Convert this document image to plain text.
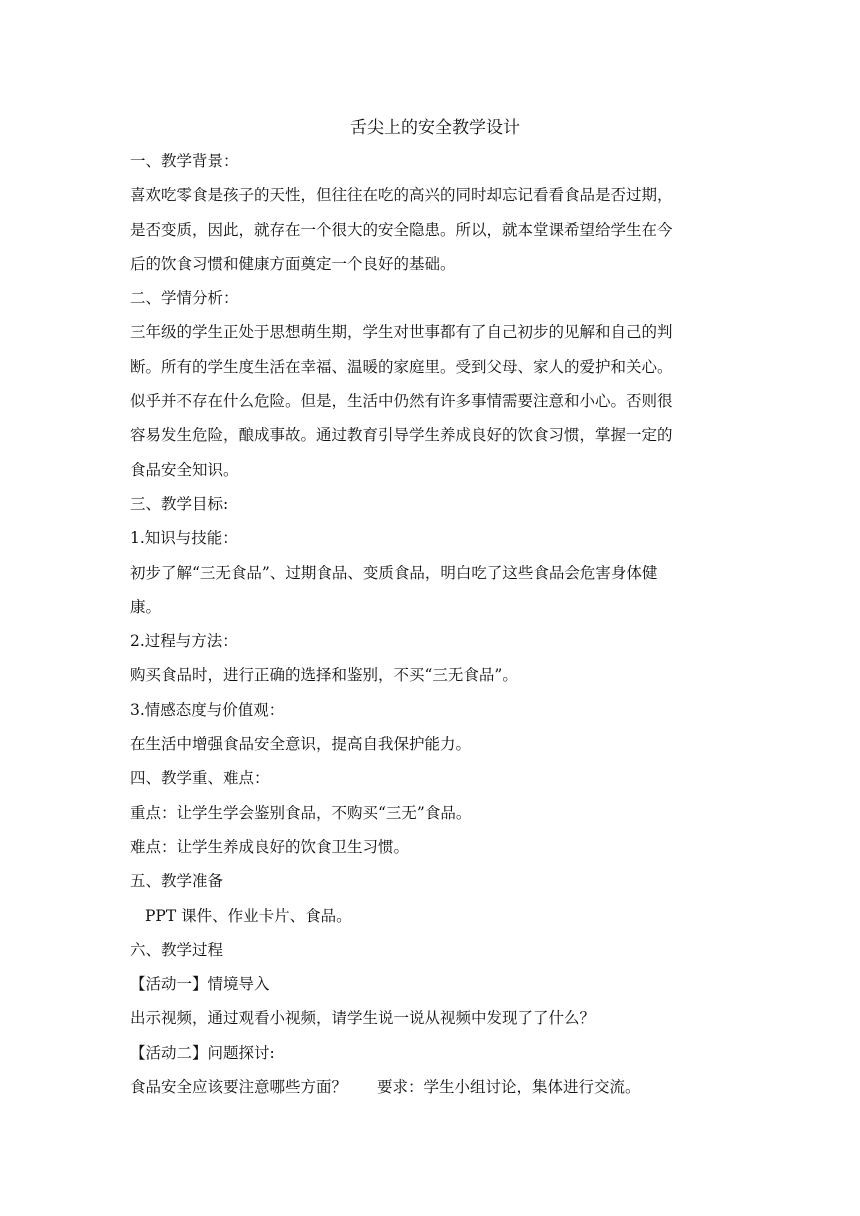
舌尖上的安全教学设计
一、教学背景：
喜欢吃零食是孩子的天性，但往往在吃的高兴的同时却忘记看看食品是否过期，
是否变质，因此，就存在一个很大的安全隐患。所以，就本堂课希望给学生在今
后的饮食习惯和健康方面奠定一个良好的基础。
二、学情分析：
三年级的学生正处于思想萌生期，学生对世事都有了自己初步的见解和自己的判
断。所有的学生度生活在幸福、温暖的家庭里。受到父母、家人的爱护和关心。
似乎并不存在什么危险。但是，生活中仍然有许多事情需要注意和小心。否则很
容易发生危险，酿成事故。通过教育引导学生养成良好的饮食习惯，掌握一定的
食品安全知识。
三、教学目标:
1.知识与技能：
初步了解“三无食品”、过期食品、变质食品，明白吃了这些食品会危害身体健
康。
2.过程与方法：
购买食品时，进行正确的选择和鉴别，不买“三无食品”。
3.情感态度与价值观：
在生活中增强食品安全意识，提高自我保护能力。
四、教学重、难点：
重点：让学生学会鉴别食品，不购买“三无”食品。
难点：让学生养成良好的饮食卫生习惯。
五、教学准备
PPT 课件、作业卡片、食品。
六、教学过程
【活动一】情境导入
出示视频，通过观看小视频，请学生说一说从视频中发现了了什么？
【活动二】问题探讨:
食品安全应该要注意哪些方面？ 要求：学生小组讨论，集体进行交流。
